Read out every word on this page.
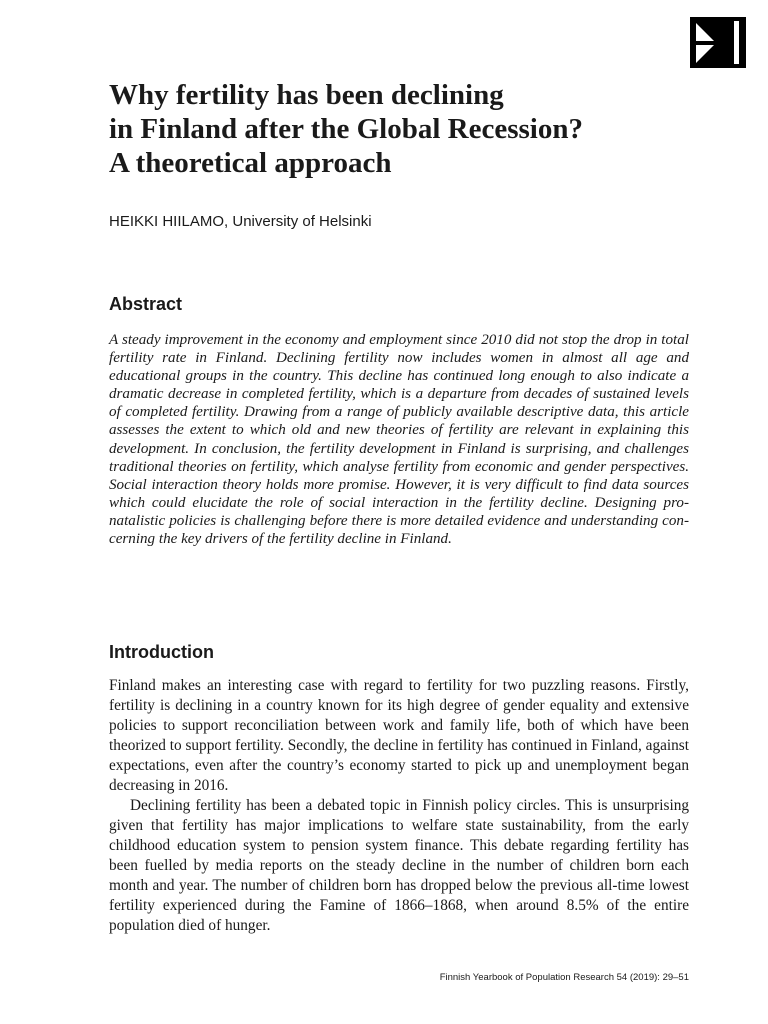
Why fertility has been declining
in Finland after the Global Recession?
A theoretical approach

HEIKKI HIILAMO, University of Helsinki

Abstract

A steady improvement in the economy and employment since 2010 did not stop the drop in total fertility rate in Finland. Declining fertility now includes women in almost all age and educational groups in the country. This decline has continued long enough to also indicate a dramatic decrease in completed fertility, which is a departure from decades of sustained levels of completed fertility. Drawing from a range of publicly available descriptive data, this article assesses the extent to which old and new theories of fertility are relevant in explaining this development. In conclusion, the fertility development in Finland is surprising, and challenges traditional theories on fertility, which analyse fertility from economic and gender perspectives. Social interaction theory holds more promise. However, it is very difficult to find data sources which could elucidate the role of social interaction in the fertility decline. Designing pro-natalistic policies is challenging before there is more detailed evidence and understanding concerning the key drivers of the fertility decline in Finland.

Introduction

Finland makes an interesting case with regard to fertility for two puzzling reasons. Firstly, fertility is declining in a country known for its high degree of gender equality and extensive policies to support reconciliation between work and family life, both of which have been theorized to support fertility. Secondly, the decline in fertility has continued in Finland, against expectations, even after the country’s economy started to pick up and unemployment began decreasing in 2016.

Declining fertility has been a debated topic in Finnish policy circles. This is unsurprising given that fertility has major implications to welfare state sustainability, from the early childhood education system to pension system finance. This debate regarding fertility has been fuelled by media reports on the steady decline in the number of children born each month and year. The number of children born has dropped below the previous all-time lowest fertility experienced during the Famine of 1866–1868, when around 8.5% of the entire population died of hunger.

Finnish Yearbook of Population Research 54 (2019): 29–51
